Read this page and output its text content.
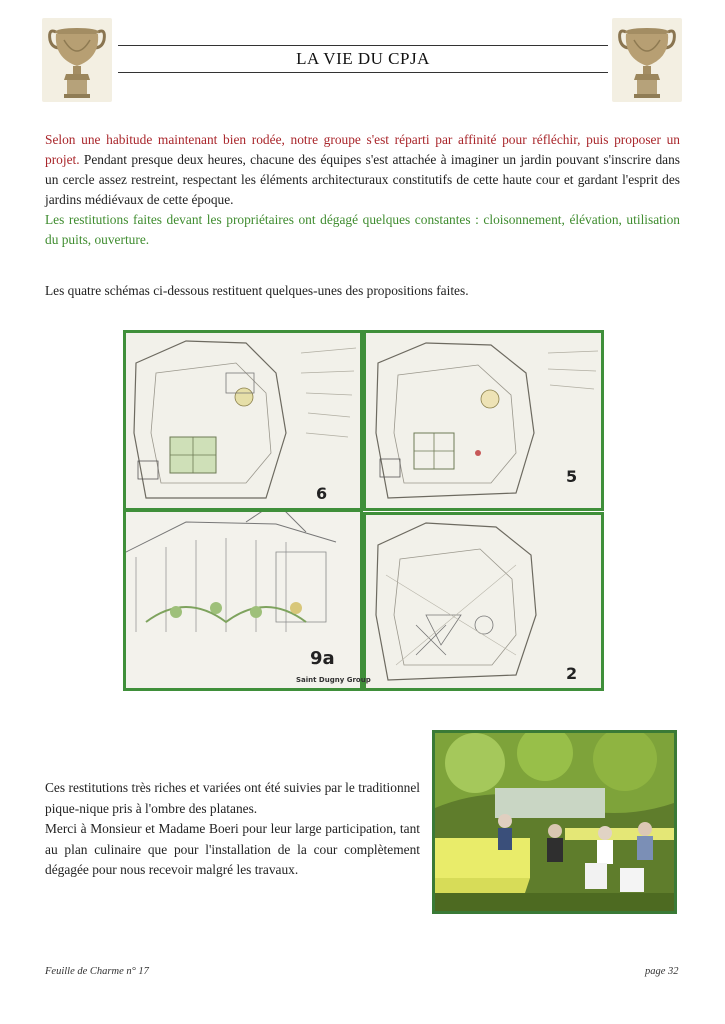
LA VIE DU CPJA
Selon une habitude maintenant bien rodée, notre groupe s'est réparti par affinité pour réfléchir, puis proposer un projet. Pendant presque deux heures, chacune des équipes s'est attachée à imaginer un jardin pouvant s'inscrire dans un cercle assez restreint, respectant les éléments architecturaux constitutifs de cette haute cour et gardant l'esprit des jardins médiévaux de cette époque.
Les restitutions faites devant les propriétaires ont dégagé quelques constantes : cloisonnement, élévation, utilisation du puits, ouverture.
Les quatre schémas ci-dessous restituent quelques-unes des propositions faites.
6
5
9a
Saint Dugny Group	2
Ces restitutions très riches et variées ont été suivies par le traditionnel pique-nique pris à l'ombre des platanes.
Merci à Monsieur et Madame Boeri pour leur large participation, tant au plan culinaire que pour l'installation de la cour complètement dégagée pour nous recevoir malgré les travaux.
Feuille de Charme n° 17	page 32
